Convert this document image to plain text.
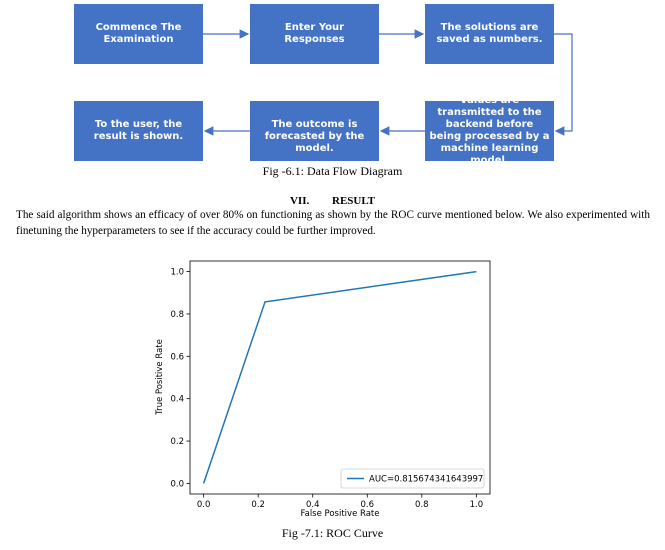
Commence The Examination
Enter Your Responses
The solutions are saved as numbers.
Values are transmitted to the backend before being processed by a machine learning model.
The outcome is forecasted by the model.
To the user, the result is shown.
Fig -6.1: Data Flow Diagram
VII. RESULT
The said algorithm shows an efficacy of over 80% on functioning as shown by the ROC curve mentioned below. We also experimented with finetuning the hyperparameters to see if the accuracy could be further improved.
0.0	0.2	0.4	0.6	0.8	1.0
0.0
0.2
0.4
0.6
0.8
1.0
False Positive Rate
True Positive Rate
AUC=0.815674341643997
Fig -7.1: ROC Curve
